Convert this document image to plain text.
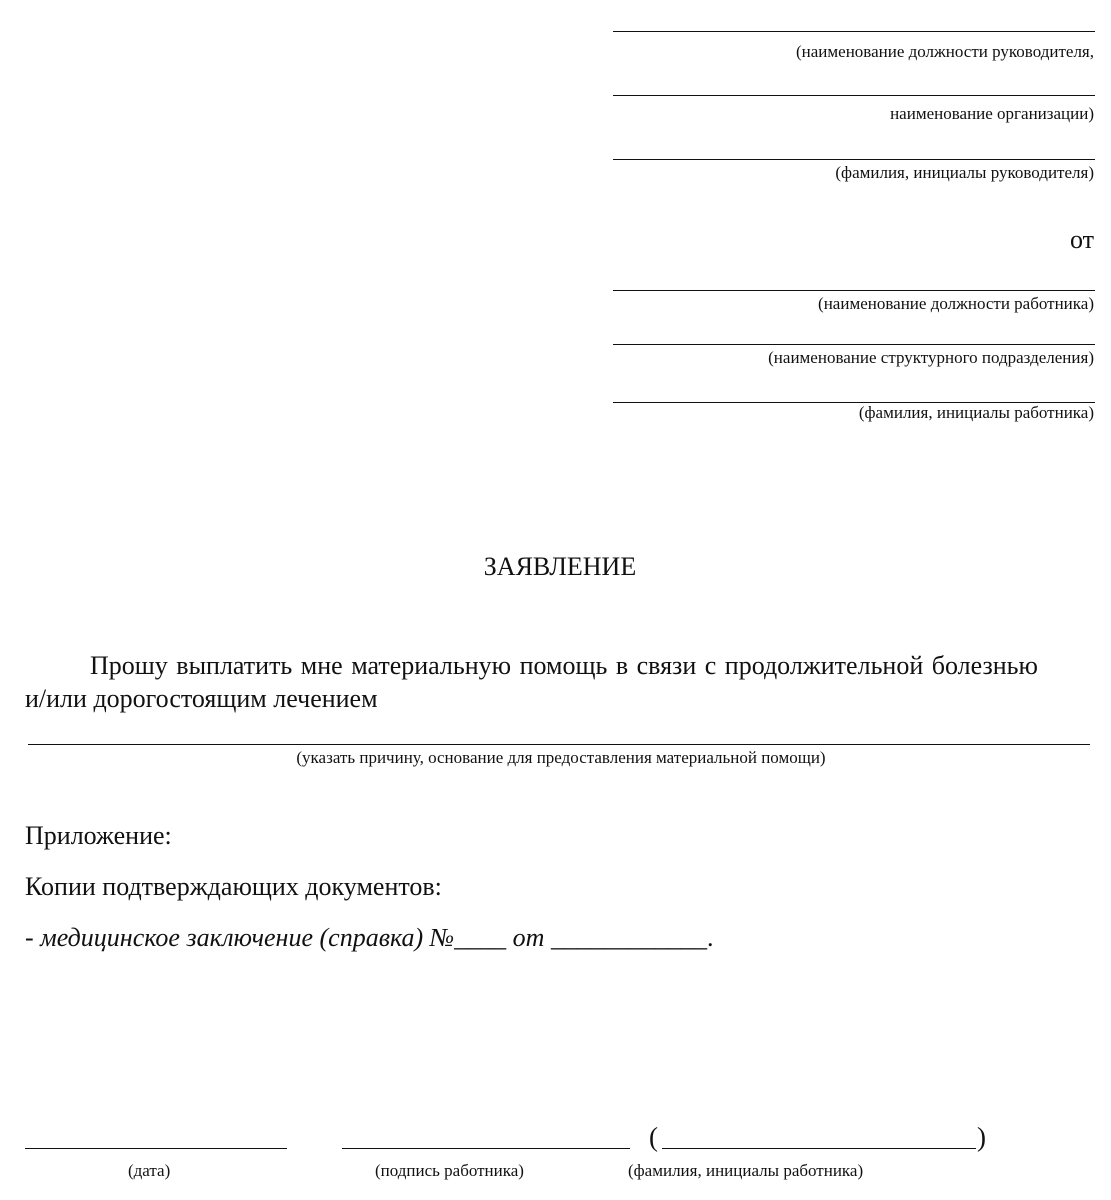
(наименование должности руководителя,
наименование организации)
(фамилия, инициалы руководителя)
от
(наименование должности работника)
(наименование структурного подразделения)
(фамилия, инициалы работника)
ЗАЯВЛЕНИЕ
Прошу выплатить мне материальную помощь в связи с продолжительной болезнью
и/или дорогостоящим лечением
(указать причину, основание для предоставления материальной помощи)
Приложение:
Копии подтверждающих документов:
- медицинское заключение (справка) №____ от ____________.
(	)
(дата)	(подпись работника)	(фамилия, инициалы работника)
